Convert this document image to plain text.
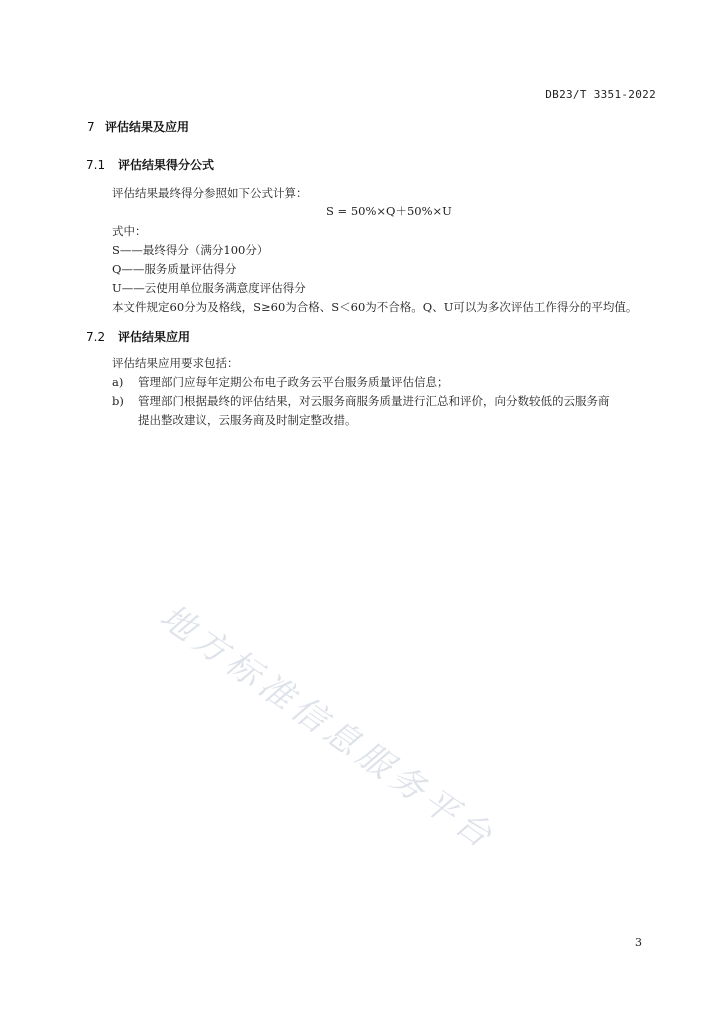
DB23/T 3351-2022
7 评估结果及应用
7.1 评估结果得分公式
评估结果最终得分参照如下公式计算：
S = 50%×Q＋50%×U
式中：
S——最终得分（满分100分）
Q——服务质量评估得分
U——云使用单位服务满意度评估得分
本文件规定60分为及格线，S≥60为合格、S＜60为不合格。Q、U可以为多次评估工作得分的平均值。
7.2 评估结果应用
评估结果应用要求包括：
a) 管理部门应每年定期公布电子政务云平台服务质量评估信息；
b) 管理部门根据最终的评估结果，对云服务商服务质量进行汇总和评价，向分数较低的云服务商
提出整改建议，云服务商及时制定整改措。
地方标准信息服务平台
3
